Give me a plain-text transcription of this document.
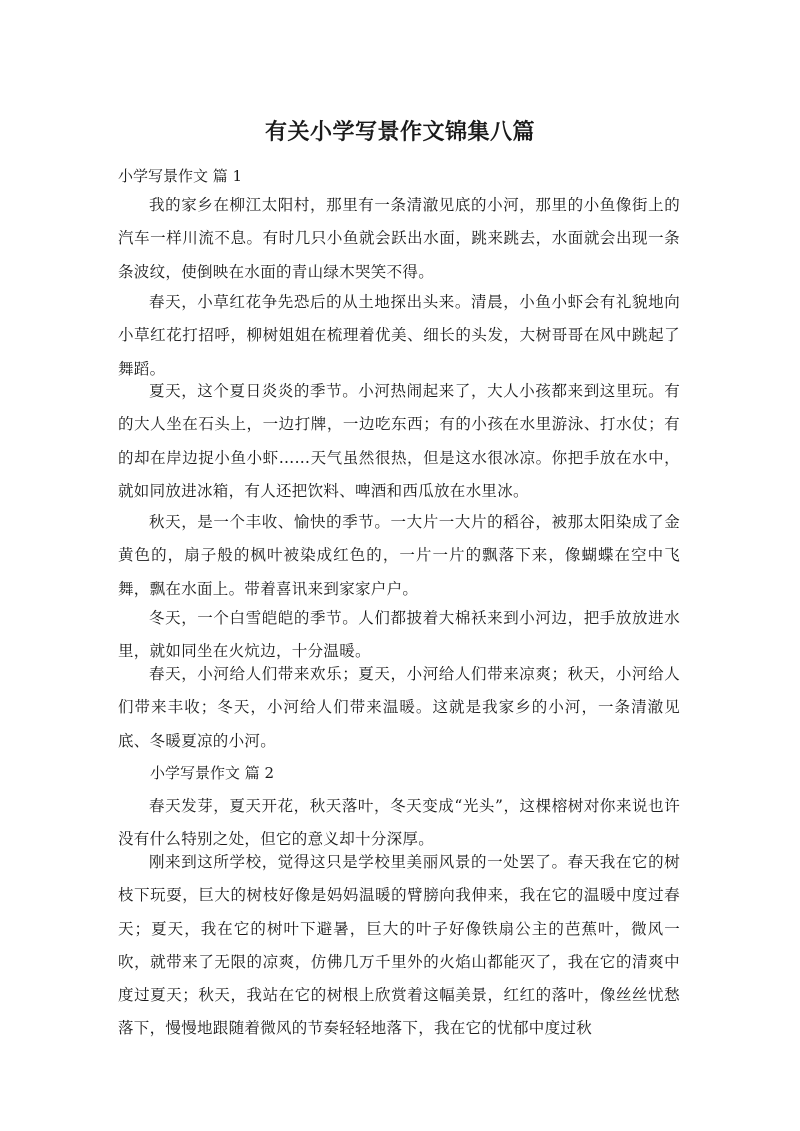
有关小学写景作文锦集八篇
小学写景作文 篇 1
我的家乡在柳江太阳村，那里有一条清澈见底的小河，那里的小鱼像街上的汽车一样川流不息。有时几只小鱼就会跃出水面，跳来跳去，水面就会出现一条条波纹，使倒映在水面的青山绿木哭笑不得。
春天，小草红花争先恐后的从土地探出头来。清晨，小鱼小虾会有礼貌地向小草红花打招呼，柳树姐姐在梳理着优美、细长的头发，大树哥哥在风中跳起了舞蹈。
夏天，这个夏日炎炎的季节。小河热闹起来了，大人小孩都来到这里玩。有的大人坐在石头上，一边打牌，一边吃东西；有的小孩在水里游泳、打水仗；有的却在岸边捉小鱼小虾……天气虽然很热，但是这水很冰凉。你把手放在水中，就如同放进冰箱，有人还把饮料、啤酒和西瓜放在水里冰。
秋天，是一个丰收、愉快的季节。一大片一大片的稻谷，被那太阳染成了金黄色的，扇子般的枫叶被染成红色的，一片一片的飘落下来，像蝴蝶在空中飞舞，飘在水面上。带着喜讯来到家家户户。
冬天，一个白雪皑皑的季节。人们都披着大棉袄来到小河边，把手放放进水里，就如同坐在火炕边，十分温暖。
春天，小河给人们带来欢乐；夏天，小河给人们带来凉爽；秋天，小河给人们带来丰收；冬天，小河给人们带来温暖。这就是我家乡的小河，一条清澈见底、冬暖夏凉的小河。
小学写景作文 篇 2
春天发芽，夏天开花，秋天落叶，冬天变成“光头”，这棵榕树对你来说也许没有什么特别之处，但它的意义却十分深厚。
刚来到这所学校，觉得这只是学校里美丽风景的一处罢了。春天我在它的树枝下玩耍，巨大的树枝好像是妈妈温暖的臂膀向我伸来，我在它的温暖中度过春天；夏天，我在它的树叶下避暑，巨大的叶子好像铁扇公主的芭蕉叶，微风一吹，就带来了无限的凉爽，仿佛几万千里外的火焰山都能灭了，我在它的清爽中度过夏天；秋天，我站在它的树根上欣赏着这幅美景，红红的落叶，像丝丝忧愁落下，慢慢地跟随着微风的节奏轻轻地落下，我在它的忧郁中度过秋
